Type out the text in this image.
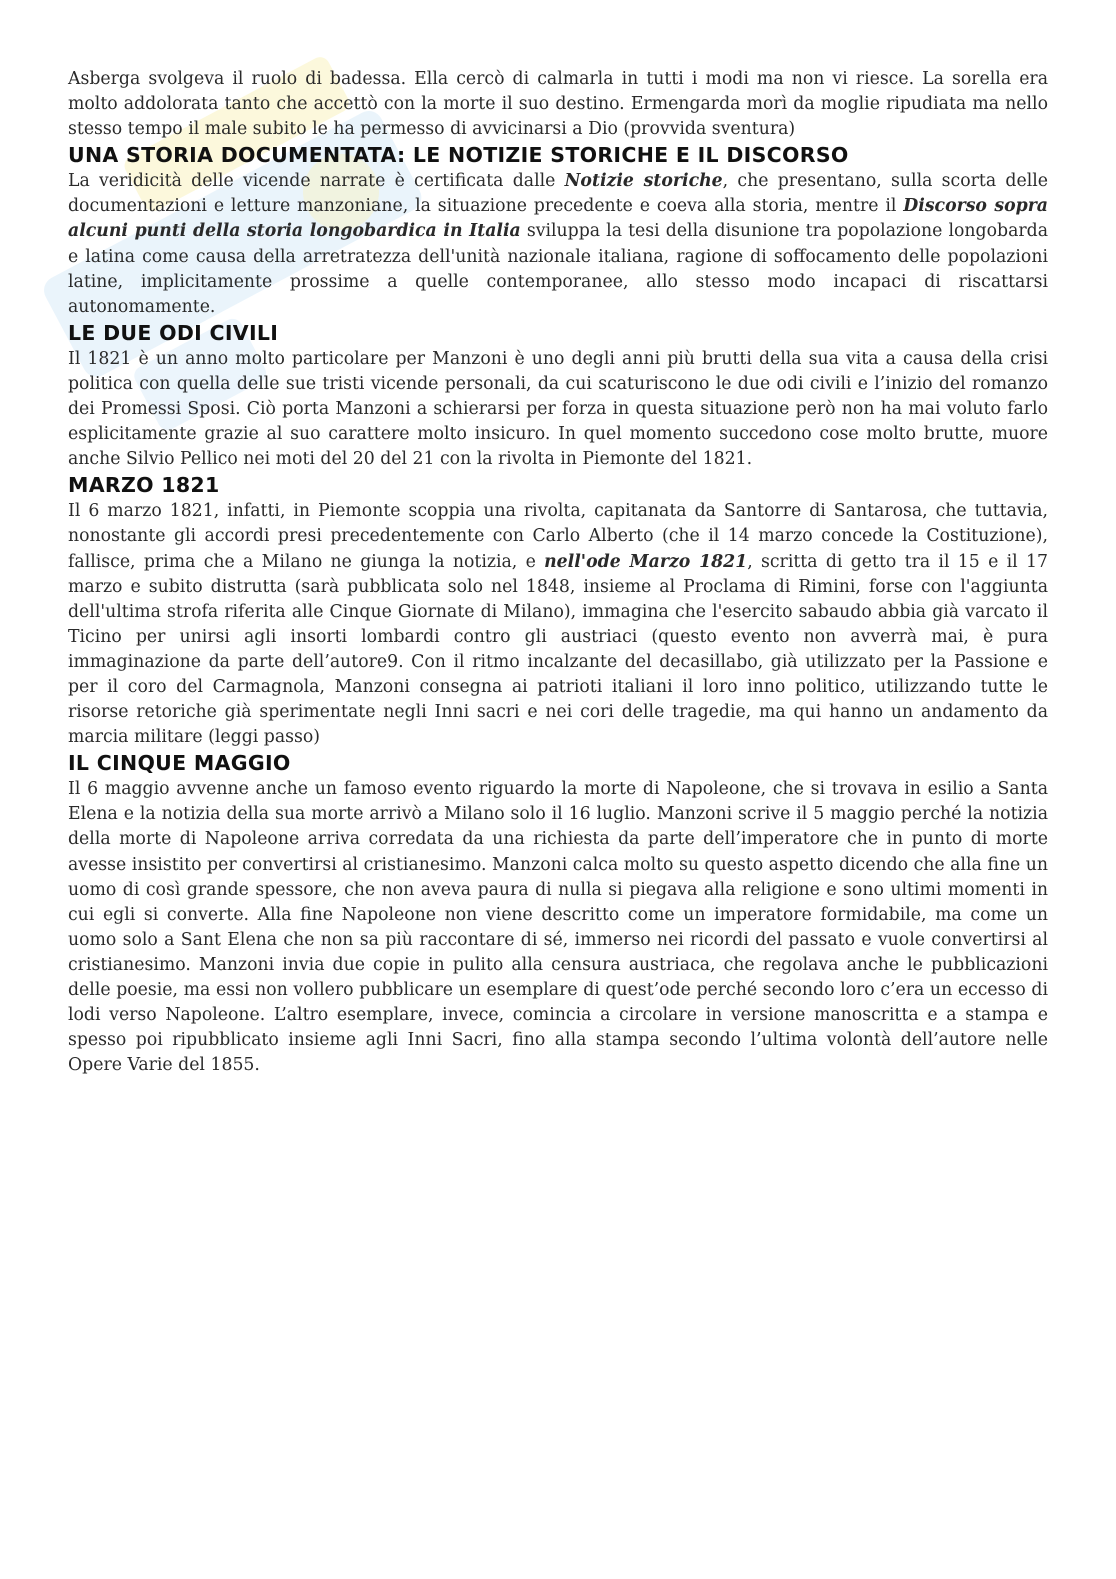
Asberga svolgeva il ruolo di badessa. Ella cercò di calmarla in tutti i modi ma non vi riesce. La sorella era molto addolorata tanto che accettò con la morte il suo destino. Ermengarda morì da moglie ripudiata ma nello stesso tempo il male subito le ha permesso di avvicinarsi a Dio (provvida sventura)

UNA STORIA DOCUMENTATA: LE NOTIZIE STORICHE E IL DISCORSO

La veridicità delle vicende narrate è certificata dalle Notizie storiche, che presentano, sulla scorta delle documentazioni e letture manzoniane, la situazione precedente e coeva alla storia, mentre il Discorso sopra alcuni punti della storia longobardica in Italia sviluppa la tesi della disunione tra popolazione longobarda e latina come causa della arretratezza dell'unità nazionale italiana, ragione di soffocamento delle popolazioni latine, implicitamente prossime a quelle contemporanee, allo stesso modo incapaci di riscattarsi autonomamente.

LE DUE ODI CIVILI

Il 1821 è un anno molto particolare per Manzoni è uno degli anni più brutti della sua vita a causa della crisi politica con quella delle sue tristi vicende personali, da cui scaturiscono le due odi civili e l’inizio del romanzo dei Promessi Sposi. Ciò porta Manzoni a schierarsi per forza in questa situazione però non ha mai voluto farlo esplicitamente grazie al suo carattere molto insicuro. In quel momento succedono cose molto brutte, muore anche Silvio Pellico nei moti del 20 del 21 con la rivolta in Piemonte del 1821.

MARZO 1821

Il 6 marzo 1821, infatti, in Piemonte scoppia una rivolta, capitanata da Santorre di Santarosa, che tuttavia, nonostante gli accordi presi precedentemente con Carlo Alberto (che il 14 marzo concede la Costituzione), fallisce, prima che a Milano ne giunga la notizia, e nell'ode Marzo 1821, scritta di getto tra il 15 e il 17 marzo e subito distrutta (sarà pubblicata solo nel 1848, insieme al Proclama di Rimini, forse con l'aggiunta dell'ultima strofa riferita alle Cinque Giornate di Milano), immagina che l'esercito sabaudo abbia già varcato il Ticino per unirsi agli insorti lombardi contro gli austriaci (questo evento non avverrà mai, è pura immaginazione da parte dell’autore9. Con il ritmo incalzante del decasillabo, già utilizzato per la Passione e per il coro del Carmagnola, Manzoni consegna ai patrioti italiani il loro inno politico, utilizzando tutte le risorse retoriche già sperimentate negli Inni sacri e nei cori delle tragedie, ma qui hanno un andamento da marcia militare (leggi passo)

IL CINQUE MAGGIO

Il 6 maggio avvenne anche un famoso evento riguardo la morte di Napoleone, che si trovava in esilio a Santa Elena e la notizia della sua morte arrivò a Milano solo il 16 luglio. Manzoni scrive il 5 maggio perché la notizia della morte di Napoleone arriva corredata da una richiesta da parte dell’imperatore che in punto di morte avesse insistito per convertirsi al cristianesimo. Manzoni calca molto su questo aspetto dicendo che alla fine un uomo di così grande spessore, che non aveva paura di nulla si piegava alla religione e sono ultimi momenti in cui egli si converte. Alla fine Napoleone non viene descritto come un imperatore formidabile, ma come un uomo solo a Sant Elena che non sa più raccontare di sé, immerso nei ricordi del passato e vuole convertirsi al cristianesimo. Manzoni invia due copie in pulito alla censura austriaca, che regolava anche le pubblicazioni delle poesie, ma essi non vollero pubblicare un esemplare di quest’ode perché secondo loro c’era un eccesso di lodi verso Napoleone. L’altro esemplare, invece, comincia a circolare in versione manoscritta e a stampa e spesso poi ripubblicato insieme agli Inni Sacri, fino alla stampa secondo l’ultima volontà dell’autore nelle Opere Varie del 1855.
